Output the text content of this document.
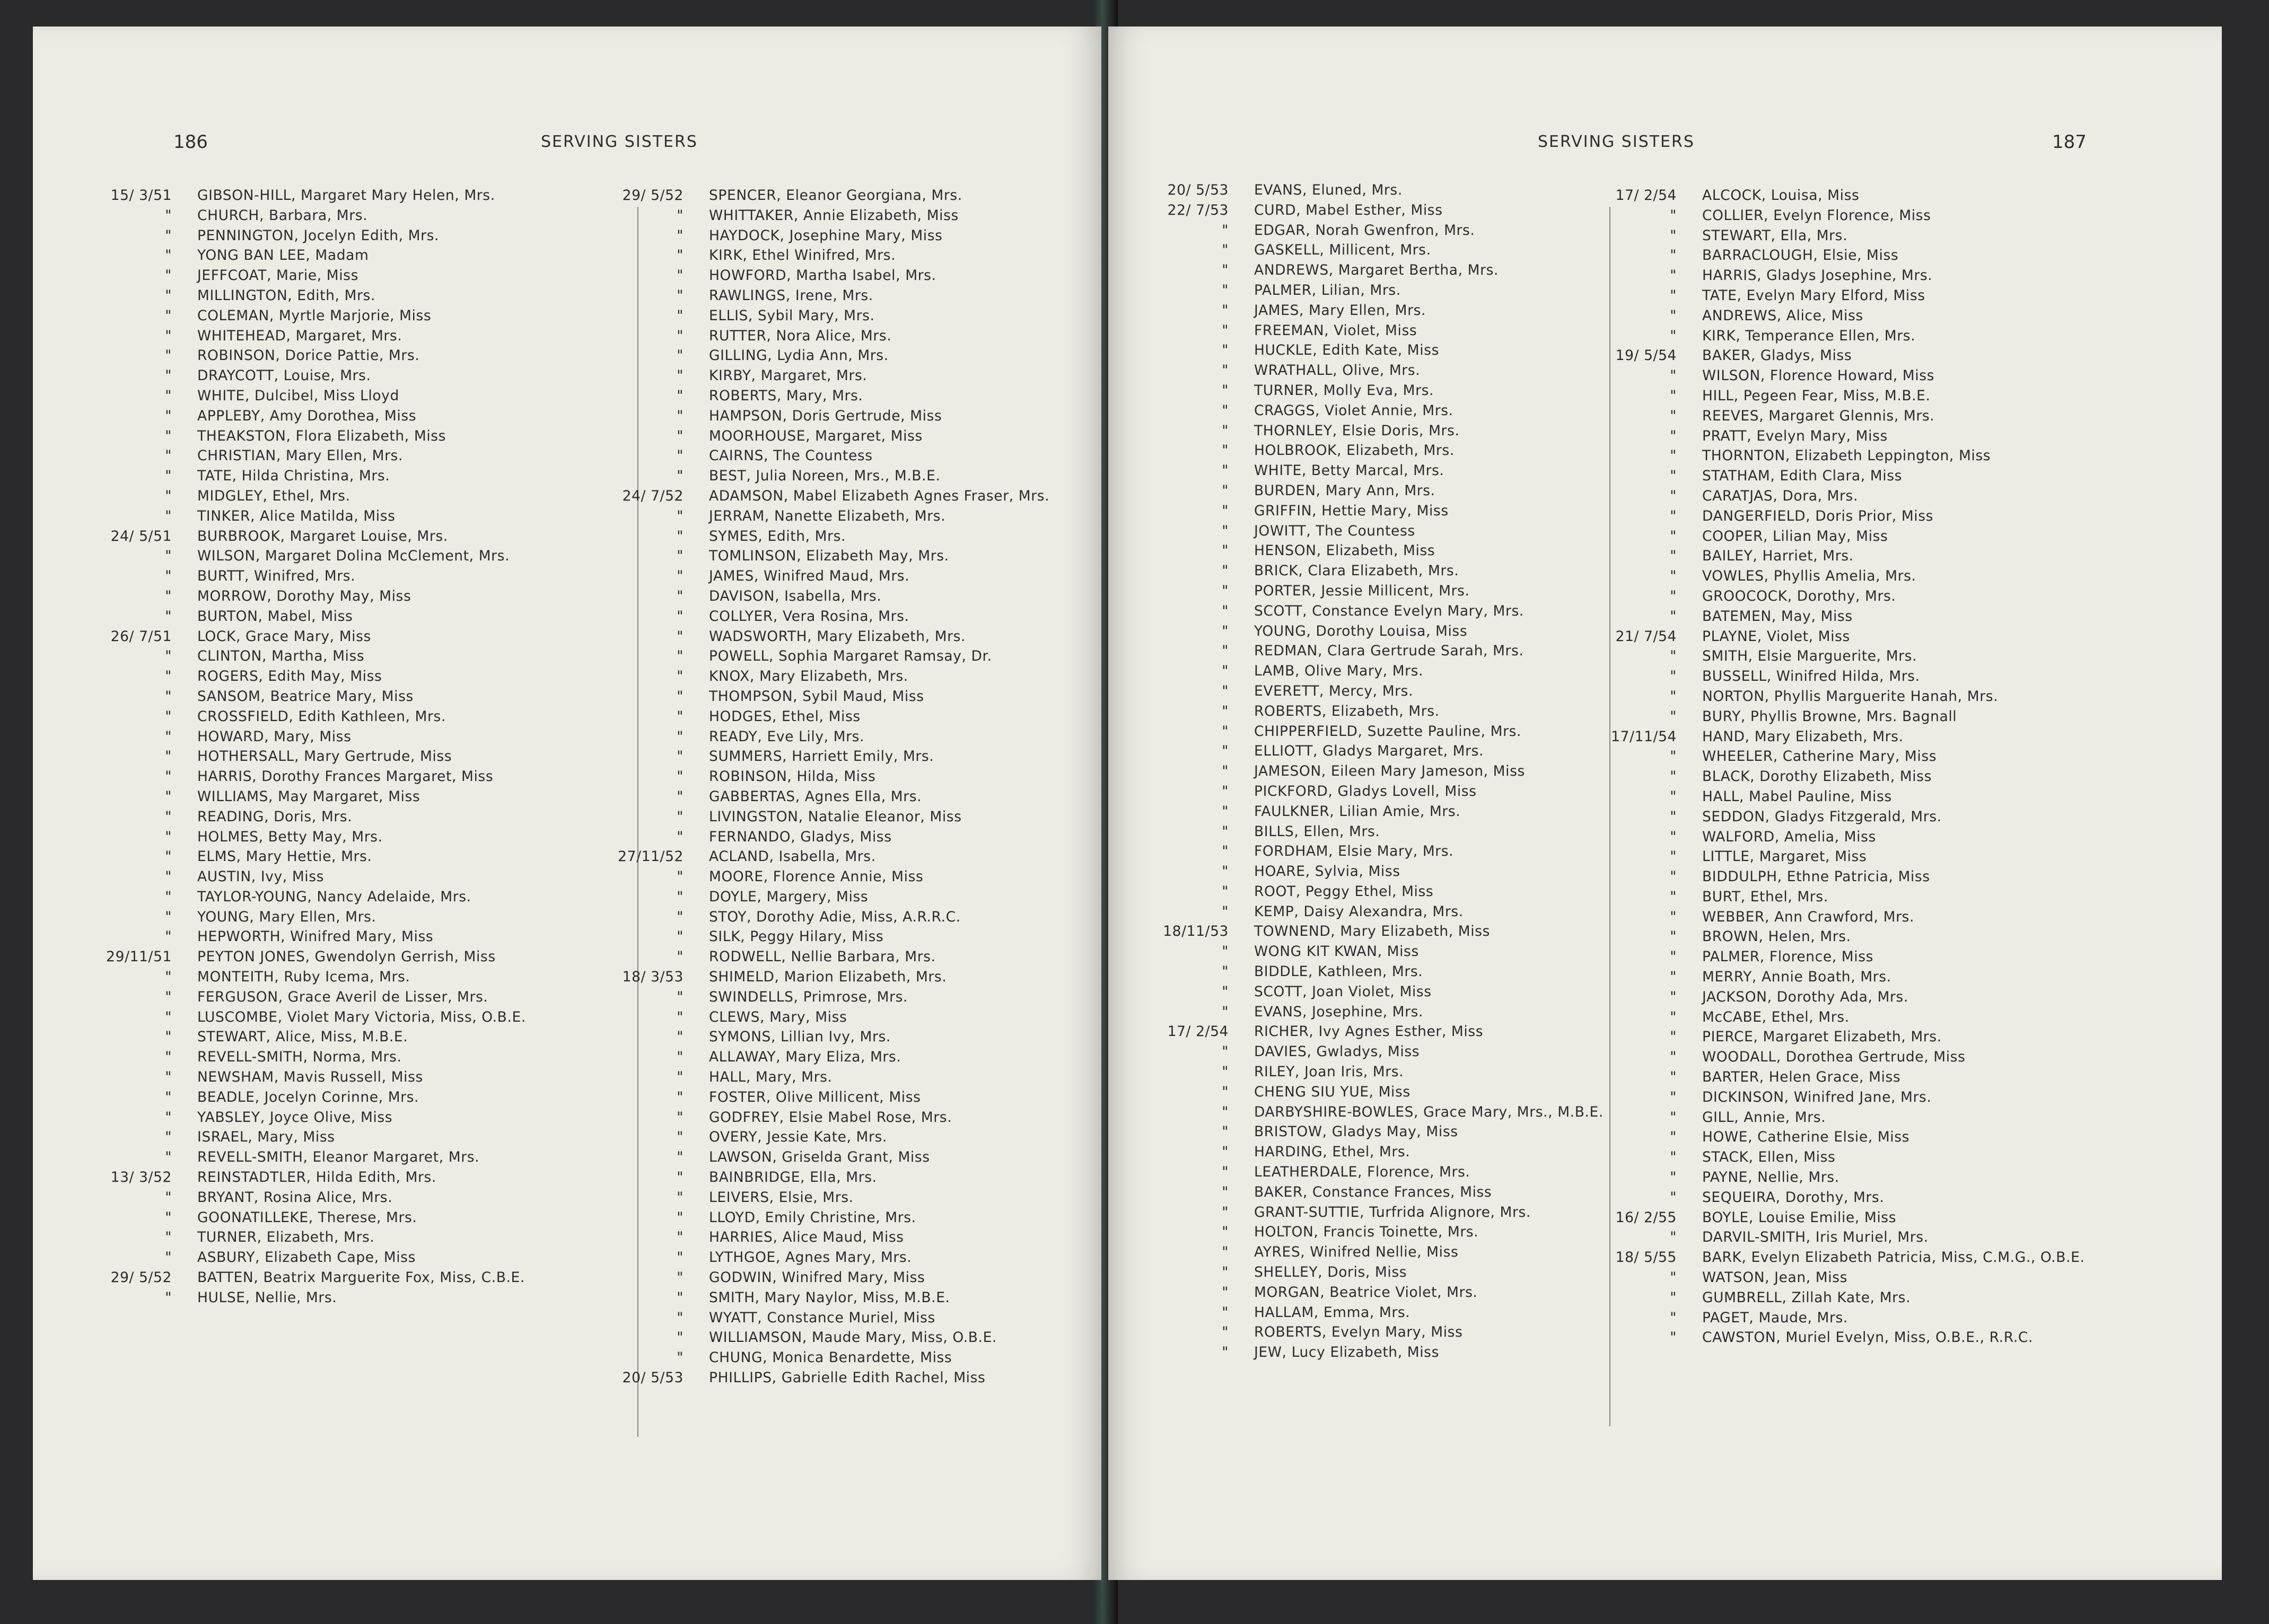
186	SERVING SISTERS
15/ 3/51	GIBSON-HILL, Margaret Mary Helen, Mrs.
"	CHURCH, Barbara, Mrs.
"	PENNINGTON, Jocelyn Edith, Mrs.
"	YONG BAN LEE, Madam
"	JEFFCOAT, Marie, Miss
"	MILLINGTON, Edith, Mrs.
"	COLEMAN, Myrtle Marjorie, Miss
"	WHITEHEAD, Margaret, Mrs.
"	ROBINSON, Dorice Pattie, Mrs.
"	DRAYCOTT, Louise, Mrs.
"	WHITE, Dulcibel, Miss Lloyd
"	APPLEBY, Amy Dorothea, Miss
"	THEAKSTON, Flora Elizabeth, Miss
"	CHRISTIAN, Mary Ellen, Mrs.
"	TATE, Hilda Christina, Mrs.
"	MIDGLEY, Ethel, Mrs.
"	TINKER, Alice Matilda, Miss
24/ 5/51	BURBROOK, Margaret Louise, Mrs.
"	WILSON, Margaret Dolina McClement, Mrs.
"	BURTT, Winifred, Mrs.
"	MORROW, Dorothy May, Miss
"	BURTON, Mabel, Miss
26/ 7/51	LOCK, Grace Mary, Miss
"	CLINTON, Martha, Miss
"	ROGERS, Edith May, Miss
"	SANSOM, Beatrice Mary, Miss
"	CROSSFIELD, Edith Kathleen, Mrs.
"	HOWARD, Mary, Miss
"	HOTHERSALL, Mary Gertrude, Miss
"	HARRIS, Dorothy Frances Margaret, Miss
"	WILLIAMS, May Margaret, Miss
"	READING, Doris, Mrs.
"	HOLMES, Betty May, Mrs.
"	ELMS, Mary Hettie, Mrs.
"	AUSTIN, Ivy, Miss
"	TAYLOR-YOUNG, Nancy Adelaide, Mrs.
"	YOUNG, Mary Ellen, Mrs.
"	HEPWORTH, Winifred Mary, Miss
29/11/51	PEYTON JONES, Gwendolyn Gerrish, Miss
"	MONTEITH, Ruby Icema, Mrs.
"	FERGUSON, Grace Averil de Lisser, Mrs.
"	LUSCOMBE, Violet Mary Victoria, Miss, O.B.E.
"	STEWART, Alice, Miss, M.B.E.
"	REVELL-SMITH, Norma, Mrs.
"	NEWSHAM, Mavis Russell, Miss
"	BEADLE, Jocelyn Corinne, Mrs.
"	YABSLEY, Joyce Olive, Miss
"	ISRAEL, Mary, Miss
"	REVELL-SMITH, Eleanor Margaret, Mrs.
13/ 3/52	REINSTADTLER, Hilda Edith, Mrs.
"	BRYANT, Rosina Alice, Mrs.
"	GOONATILLEKE, Therese, Mrs.
"	TURNER, Elizabeth, Mrs.
"	ASBURY, Elizabeth Cape, Miss
29/ 5/52	BATTEN, Beatrix Marguerite Fox, Miss, C.B.E.
"	HULSE, Nellie, Mrs.
29/ 5/52	SPENCER, Eleanor Georgiana, Mrs.
"	WHITTAKER, Annie Elizabeth, Miss
"	HAYDOCK, Josephine Mary, Miss
"	KIRK, Ethel Winifred, Mrs.
"	HOWFORD, Martha Isabel, Mrs.
"	RAWLINGS, Irene, Mrs.
"	ELLIS, Sybil Mary, Mrs.
"	RUTTER, Nora Alice, Mrs.
"	GILLING, Lydia Ann, Mrs.
"	KIRBY, Margaret, Mrs.
"	ROBERTS, Mary, Mrs.
"	HAMPSON, Doris Gertrude, Miss
"	MOORHOUSE, Margaret, Miss
"	CAIRNS, The Countess
"	BEST, Julia Noreen, Mrs., M.B.E.
24/ 7/52	ADAMSON, Mabel Elizabeth Agnes Fraser, Mrs.
"	JERRAM, Nanette Elizabeth, Mrs.
"	SYMES, Edith, Mrs.
"	TOMLINSON, Elizabeth May, Mrs.
"	JAMES, Winifred Maud, Mrs.
"	DAVISON, Isabella, Mrs.
"	COLLYER, Vera Rosina, Mrs.
"	WADSWORTH, Mary Elizabeth, Mrs.
"	POWELL, Sophia Margaret Ramsay, Dr.
"	KNOX, Mary Elizabeth, Mrs.
"	THOMPSON, Sybil Maud, Miss
"	HODGES, Ethel, Miss
"	READY, Eve Lily, Mrs.
"	SUMMERS, Harriett Emily, Mrs.
"	ROBINSON, Hilda, Miss
"	GABBERTAS, Agnes Ella, Mrs.
"	LIVINGSTON, Natalie Eleanor, Miss
"	FERNANDO, Gladys, Miss
27/11/52	ACLAND, Isabella, Mrs.
"	MOORE, Florence Annie, Miss
"	DOYLE, Margery, Miss
"	STOY, Dorothy Adie, Miss, A.R.R.C.
"	SILK, Peggy Hilary, Miss
"	RODWELL, Nellie Barbara, Mrs.
18/ 3/53	SHIMELD, Marion Elizabeth, Mrs.
"	SWINDELLS, Primrose, Mrs.
"	CLEWS, Mary, Miss
"	SYMONS, Lillian Ivy, Mrs.
"	ALLAWAY, Mary Eliza, Mrs.
"	HALL, Mary, Mrs.
"	FOSTER, Olive Millicent, Miss
"	GODFREY, Elsie Mabel Rose, Mrs.
"	OVERY, Jessie Kate, Mrs.
"	LAWSON, Griselda Grant, Miss
"	BAINBRIDGE, Ella, Mrs.
"	LEIVERS, Elsie, Mrs.
"	LLOYD, Emily Christine, Mrs.
"	HARRIES, Alice Maud, Miss
"	LYTHGOE, Agnes Mary, Mrs.
"	GODWIN, Winifred Mary, Miss
"	SMITH, Mary Naylor, Miss, M.B.E.
"	WYATT, Constance Muriel, Miss
"	WILLIAMSON, Maude Mary, Miss, O.B.E.
"	CHUNG, Monica Benardette, Miss
20/ 5/53	PHILLIPS, Gabrielle Edith Rachel, Miss
SERVING SISTERS	187
20/ 5/53	EVANS, Eluned, Mrs.
22/ 7/53	CURD, Mabel Esther, Miss
"	EDGAR, Norah Gwenfron, Mrs.
"	GASKELL, Millicent, Mrs.
"	ANDREWS, Margaret Bertha, Mrs.
"	PALMER, Lilian, Mrs.
"	JAMES, Mary Ellen, Mrs.
"	FREEMAN, Violet, Miss
"	HUCKLE, Edith Kate, Miss
"	WRATHALL, Olive, Mrs.
"	TURNER, Molly Eva, Mrs.
"	CRAGGS, Violet Annie, Mrs.
"	THORNLEY, Elsie Doris, Mrs.
"	HOLBROOK, Elizabeth, Mrs.
"	WHITE, Betty Marcal, Mrs.
"	BURDEN, Mary Ann, Mrs.
"	GRIFFIN, Hettie Mary, Miss
"	JOWITT, The Countess
"	HENSON, Elizabeth, Miss
"	BRICK, Clara Elizabeth, Mrs.
"	PORTER, Jessie Millicent, Mrs.
"	SCOTT, Constance Evelyn Mary, Mrs.
"	YOUNG, Dorothy Louisa, Miss
"	REDMAN, Clara Gertrude Sarah, Mrs.
"	LAMB, Olive Mary, Mrs.
"	EVERETT, Mercy, Mrs.
"	ROBERTS, Elizabeth, Mrs.
"	CHIPPERFIELD, Suzette Pauline, Mrs.
"	ELLIOTT, Gladys Margaret, Mrs.
"	JAMESON, Eileen Mary Jameson, Miss
"	PICKFORD, Gladys Lovell, Miss
"	FAULKNER, Lilian Amie, Mrs.
"	BILLS, Ellen, Mrs.
"	FORDHAM, Elsie Mary, Mrs.
"	HOARE, Sylvia, Miss
"	ROOT, Peggy Ethel, Miss
"	KEMP, Daisy Alexandra, Mrs.
18/11/53	TOWNEND, Mary Elizabeth, Miss
"	WONG KIT KWAN, Miss
"	BIDDLE, Kathleen, Mrs.
"	SCOTT, Joan Violet, Miss
"	EVANS, Josephine, Mrs.
17/ 2/54	RICHER, Ivy Agnes Esther, Miss
"	DAVIES, Gwladys, Miss
"	RILEY, Joan Iris, Mrs.
"	CHENG SIU YUE, Miss
"	DARBYSHIRE-BOWLES, Grace Mary, Mrs., M.B.E.
"	BRISTOW, Gladys May, Miss
"	HARDING, Ethel, Mrs.
"	LEATHERDALE, Florence, Mrs.
"	BAKER, Constance Frances, Miss
"	GRANT-SUTTIE, Turfrida Alignore, Mrs.
"	HOLTON, Francis Toinette, Mrs.
"	AYRES, Winifred Nellie, Miss
"	SHELLEY, Doris, Miss
"	MORGAN, Beatrice Violet, Mrs.
"	HALLAM, Emma, Mrs.
"	ROBERTS, Evelyn Mary, Miss
"	JEW, Lucy Elizabeth, Miss
17/ 2/54	ALCOCK, Louisa, Miss
"	COLLIER, Evelyn Florence, Miss
"	STEWART, Ella, Mrs.
"	BARRACLOUGH, Elsie, Miss
"	HARRIS, Gladys Josephine, Mrs.
"	TATE, Evelyn Mary Elford, Miss
"	ANDREWS, Alice, Miss
"	KIRK, Temperance Ellen, Mrs.
19/ 5/54	BAKER, Gladys, Miss
"	WILSON, Florence Howard, Miss
"	HILL, Pegeen Fear, Miss, M.B.E.
"	REEVES, Margaret Glennis, Mrs.
"	PRATT, Evelyn Mary, Miss
"	THORNTON, Elizabeth Leppington, Miss
"	STATHAM, Edith Clara, Miss
"	CARATJAS, Dora, Mrs.
"	DANGERFIELD, Doris Prior, Miss
"	COOPER, Lilian May, Miss
"	BAILEY, Harriet, Mrs.
"	VOWLES, Phyllis Amelia, Mrs.
"	GROOCOCK, Dorothy, Mrs.
"	BATEMEN, May, Miss
21/ 7/54	PLAYNE, Violet, Miss
"	SMITH, Elsie Marguerite, Mrs.
"	BUSSELL, Winifred Hilda, Mrs.
"	NORTON, Phyllis Marguerite Hanah, Mrs.
"	BURY, Phyllis Browne, Mrs. Bagnall
17/11/54	HAND, Mary Elizabeth, Mrs.
"	WHEELER, Catherine Mary, Miss
"	BLACK, Dorothy Elizabeth, Miss
"	HALL, Mabel Pauline, Miss
"	SEDDON, Gladys Fitzgerald, Mrs.
"	WALFORD, Amelia, Miss
"	LITTLE, Margaret, Miss
"	BIDDULPH, Ethne Patricia, Miss
"	BURT, Ethel, Mrs.
"	WEBBER, Ann Crawford, Mrs.
"	BROWN, Helen, Mrs.
"	PALMER, Florence, Miss
"	MERRY, Annie Boath, Mrs.
"	JACKSON, Dorothy Ada, Mrs.
"	McCABE, Ethel, Mrs.
"	PIERCE, Margaret Elizabeth, Mrs.
"	WOODALL, Dorothea Gertrude, Miss
"	BARTER, Helen Grace, Miss
"	DICKINSON, Winifred Jane, Mrs.
"	GILL, Annie, Mrs.
"	HOWE, Catherine Elsie, Miss
"	STACK, Ellen, Miss
"	PAYNE, Nellie, Mrs.
"	SEQUEIRA, Dorothy, Mrs.
16/ 2/55	BOYLE, Louise Emilie, Miss
"	DARVIL-SMITH, Iris Muriel, Mrs.
18/ 5/55	BARK, Evelyn Elizabeth Patricia, Miss, C.M.G., O.B.E.
"	WATSON, Jean, Miss
"	GUMBRELL, Zillah Kate, Mrs.
"	PAGET, Maude, Mrs.
"	CAWSTON, Muriel Evelyn, Miss, O.B.E., R.R.C.
